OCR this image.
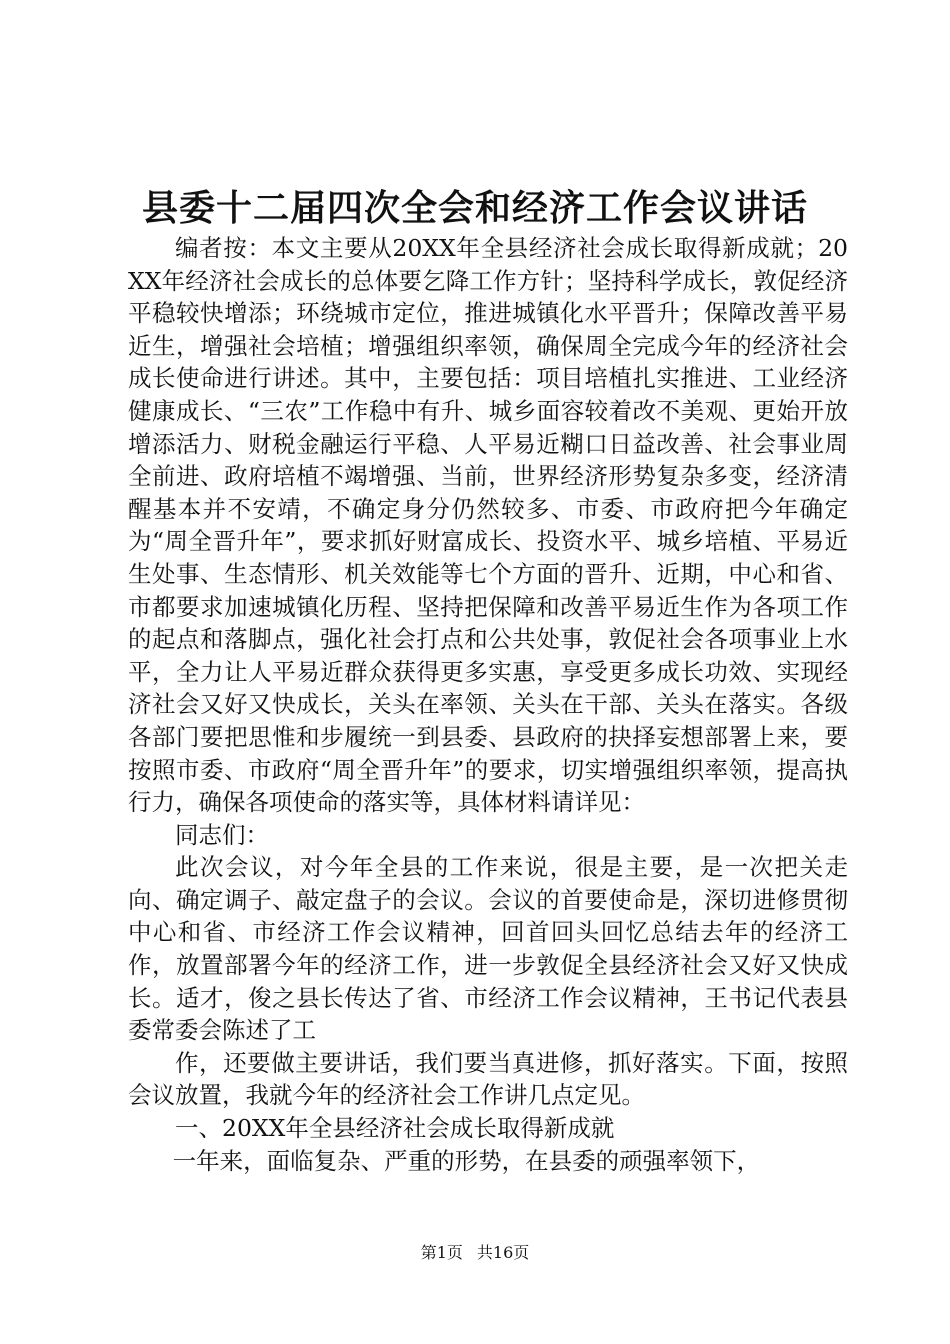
县委十二届四次全会和经济工作会议讲话

编者按：本文主要从20XX年全县经济社会成长取得新成就；20XX年经济社会成长的总体要乞降工作方针；坚持科学成长，敦促经济平稳较快增添；环绕城市定位，推进城镇化水平晋升；保障改善平易近生，增强社会培植；增强组织率领，确保周全完成今年的经济社会成长使命进行讲述。其中，主要包括：项目培植扎实推进、工业经济健康成长、“三农”工作稳中有升、城乡面容较着改不美观、更始开放增添活力、财税金融运行平稳、人平易近糊口日益改善、社会事业周全前进、政府培植不竭增强、当前，世界经济形势复杂多变，经济清醒基本并不安靖，不确定身分仍然较多、市委、市政府把今年确定为“周全晋升年”，要求抓好财富成长、投资水平、城乡培植、平易近生处事、生态情形、机关效能等七个方面的晋升、近期，中心和省、市都要求加速城镇化历程、坚持把保障和改善平易近生作为各项工作的起点和落脚点，强化社会打点和公共处事，敦促社会各项事业上水平，全力让人平易近群众获得更多实惠，享受更多成长功效、实现经济社会又好又快成长，关头在率领、关头在干部、关头在落实。各级各部门要把思惟和步履统一到县委、县政府的抉择妄想部署上来，要按照市委、市政府“周全晋升年”的要求，切实增强组织率领，提高执行力，确保各项使命的落实等，具体材料请详见：

同志们：

此次会议，对今年全县的工作来说，很是主要，是一次把关走向、确定调子、敲定盘子的会议。会议的首要使命是，深切进修贯彻中心和省、市经济工作会议精神，回首回头回忆总结去年的经济工作，放置部署今年的经济工作，进一步敦促全县经济社会又好又快成长。适才，俊之县长传达了省、市经济工作会议精神，王书记代表县委常委会陈述了工

作，还要做主要讲话，我们要当真进修，抓好落实。下面，按照会议放置，我就今年的经济社会工作讲几点定见。

一、20XX年全县经济社会成长取得新成就

一年来，面临复杂、严重的形势，在县委的顽强率领下，

第1页 共16页
